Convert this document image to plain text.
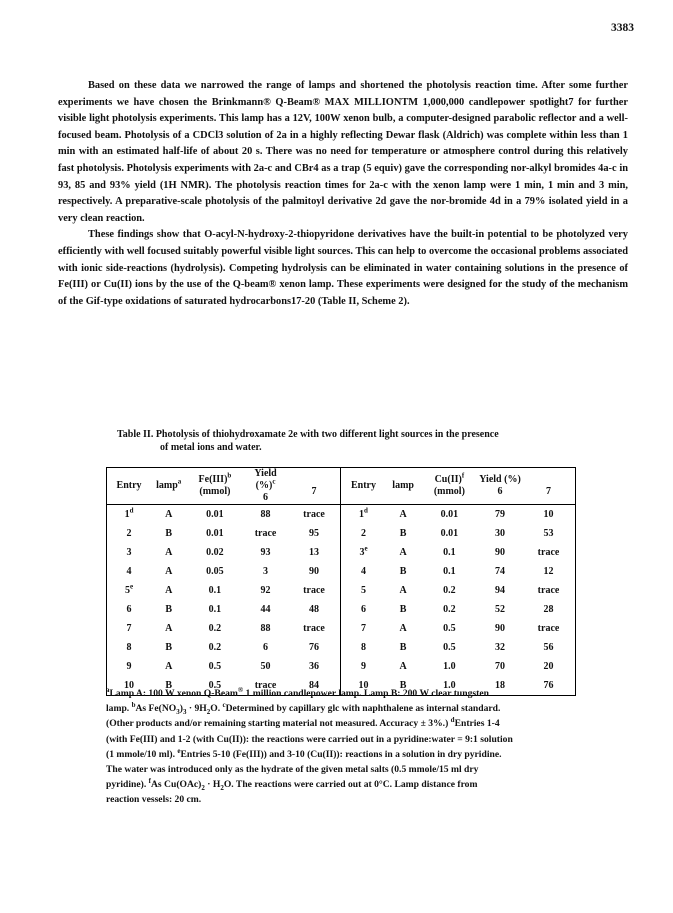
3383

Based on these data we narrowed the range of lamps and shortened the photolysis reaction time. After some further experiments we have chosen the Brinkmann® Q-Beam® MAX MILLIONTM 1,000,000 candlepower spotlight7 for further visible light photolysis experiments. This lamp has a 12V, 100W xenon bulb, a computer-designed parabolic reflector and a well-focused beam. Photolysis of a CDCl3 solution of 2a in a highly reflecting Dewar flask (Aldrich) was complete within less than 1 min with an estimated half-life of about 20 s. There was no need for temperature or atmosphere control during this relatively fast photolysis. Photolysis experiments with 2a-c and CBr4 as a trap (5 equiv) gave the corresponding nor-alkyl bromides 4a-c in 93, 85 and 93% yield (1H NMR). The photolysis reaction times for 2a-c with the xenon lamp were 1 min, 1 min and 3 min, respectively. A preparative-scale photolysis of the palmitoyl derivative 2d gave the nor-bromide 4d in a 79% isolated yield in a very clean reaction.

These findings show that O-acyl-N-hydroxy-2-thiopyridone derivatives have the built-in potential to be photolyzed very efficiently with well focused suitably powerful visible light sources. This can help to overcome the occasional problems associated with ionic side-reactions (hydrolysis). Competing hydrolysis can be eliminated in water containing solutions in the presence of Fe(III) or Cu(II) ions by the use of the Q-beam® xenon lamp. These experiments were designed for the study of the mechanism of the Gif-type oxidations of saturated hydrocarbons17-20 (Table II, Scheme 2).

Table II. Photolysis of thiohydroxamate 2e with two different light sources in the presence
of metal ions and water.
Entry	lamp$^a$	Fe(III)$^b$
(mmol)	Yield (%)$^c$
6	7	Entry	lamp	Cu(II)$^f$
(mmol)	Yield (%)
6	7
1$^d$	A	0.01	88	trace	1$^d$	A	0.01	79	10
2	B	0.01	trace	95	2	B	0.01	30	53
3	A	0.02	93	13	3e	A	0.1	90	trace
4	A	0.05	3	90	4	B	0.1	74	12
5e	A	0.1	92	trace	5	A	0.2	94	trace
6	B	0.1	44	48	6	B	0.2	52	28
7	A	0.2	88	trace	7	A	0.5	90	trace
8	B	0.2	6	76	8	B	0.5	32	56
9	A	0.5	50	36	9	A	1.0	70	20
10	B	0.5	trace	84	10	B	1.0	18	76
$^a$Lamp A: 100 W xenon Q-Beam® 1 million candlepower lamp. Lamp B: 200 W clear tungsten
lamp. $^b$As $Fe(NO_3)_3 \cdot 9H_2O$. $^c$Determined by capillary glc with naphthalene as internal standard.
(Other products and/or remaining starting material not measured. Accuracy ± 3%.) $^d$Entries 1-4
(with Fe(III) and 1-2 (with Cu(II)): the reactions were carried out in a pyridine:water = 9:1 solution
(1 mmole/10 ml). $^e$Entries 5-10 (Fe(III)) and 3-10 (Cu(II)): reactions in a solution in dry pyridine.
The water was introduced only as the hydrate of the given metal salts (0.5 mmole/15 ml dry
pyridine). $^f$As $Cu(OAc)_2 \cdot H_2O$. The reactions were carried out at 0°C. Lamp distance from
reaction vessels: 20 cm.
